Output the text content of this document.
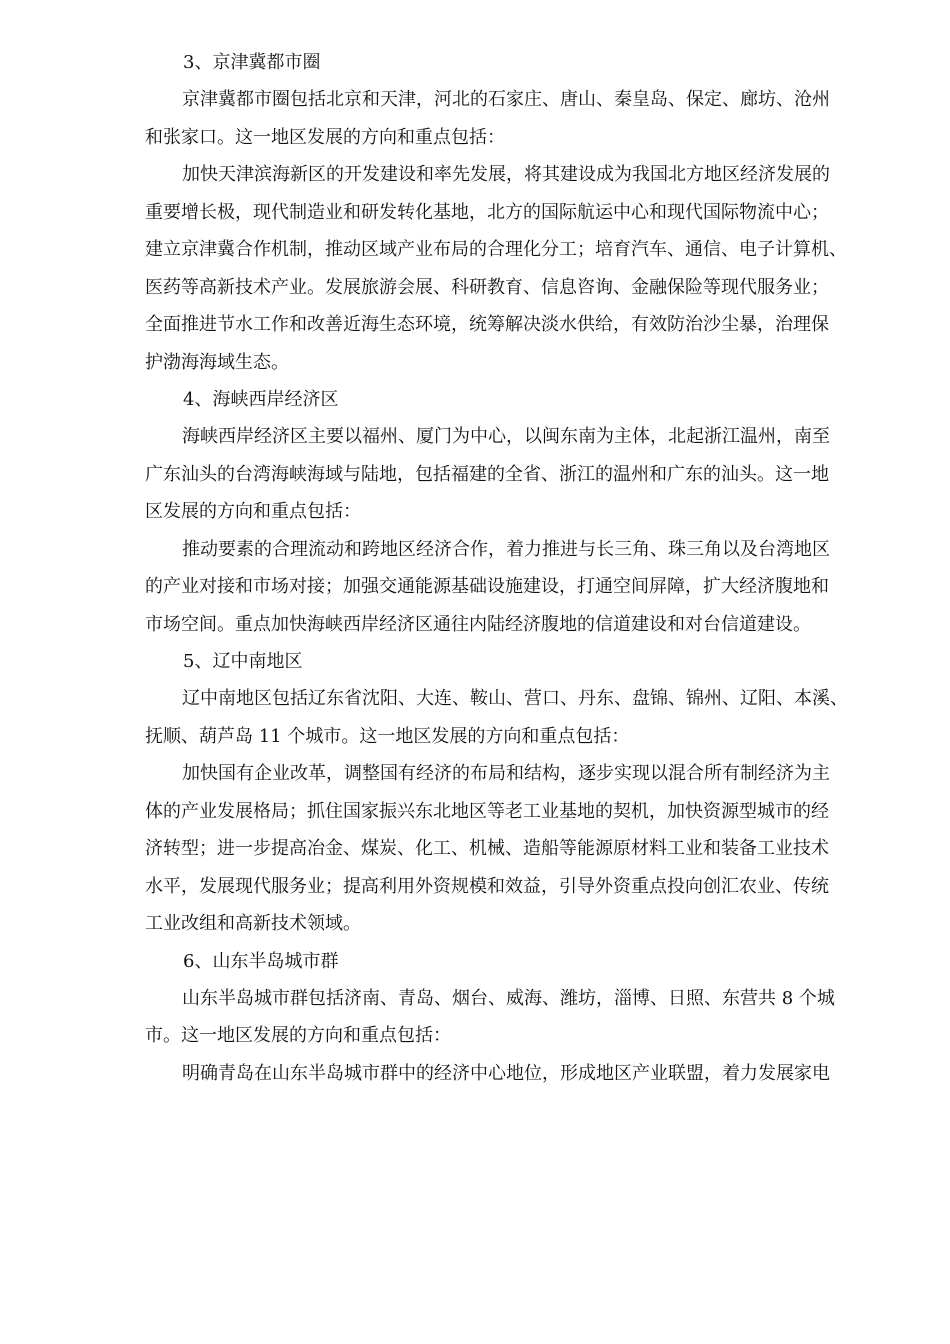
3、京津冀都市圈

京津冀都市圈包括北京和天津，河北的石家庄、唐山、秦皇岛、保定、廊坊、沧州
和张家口。这一地区发展的方向和重点包括：

加快天津滨海新区的开发建设和率先发展，将其建设成为我国北方地区经济发展的
重要增长极，现代制造业和研发转化基地，北方的国际航运中心和现代国际物流中心；
建立京津冀合作机制，推动区域产业布局的合理化分工；培育汽车、通信、电子计算机、
医药等高新技术产业。发展旅游会展、科研教育、信息咨询、金融保险等现代服务业；
全面推进节水工作和改善近海生态环境，统筹解决淡水供给，有效防治沙尘暴，治理保
护渤海海域生态。

4、海峡西岸经济区

海峡西岸经济区主要以福州、厦门为中心，以闽东南为主体，北起浙江温州，南至
广东汕头的台湾海峡海域与陆地，包括福建的全省、浙江的温州和广东的汕头。这一地
区发展的方向和重点包括：

推动要素的合理流动和跨地区经济合作，着力推进与长三角、珠三角以及台湾地区
的产业对接和市场对接；加强交通能源基础设施建设，打通空间屏障，扩大经济腹地和
市场空间。重点加快海峡西岸经济区通往内陆经济腹地的信道建设和对台信道建设。

5、辽中南地区

辽中南地区包括辽东省沈阳、大连、鞍山、营口、丹东、盘锦、锦州、辽阳、本溪、
抚顺、葫芦岛 11 个城市。这一地区发展的方向和重点包括：

加快国有企业改革，调整国有经济的布局和结构，逐步实现以混合所有制经济为主
体的产业发展格局；抓住国家振兴东北地区等老工业基地的契机，加快资源型城市的经
济转型；进一步提高冶金、煤炭、化工、机械、造船等能源原材料工业和装备工业技术
水平，发展现代服务业；提高利用外资规模和效益，引导外资重点投向创汇农业、传统
工业改组和高新技术领域。

6、山东半岛城市群

山东半岛城市群包括济南、青岛、烟台、威海、潍坊，淄博、日照、东营共 8 个城
市。这一地区发展的方向和重点包括：

明确青岛在山东半岛城市群中的经济中心地位，形成地区产业联盟，着力发展家电
